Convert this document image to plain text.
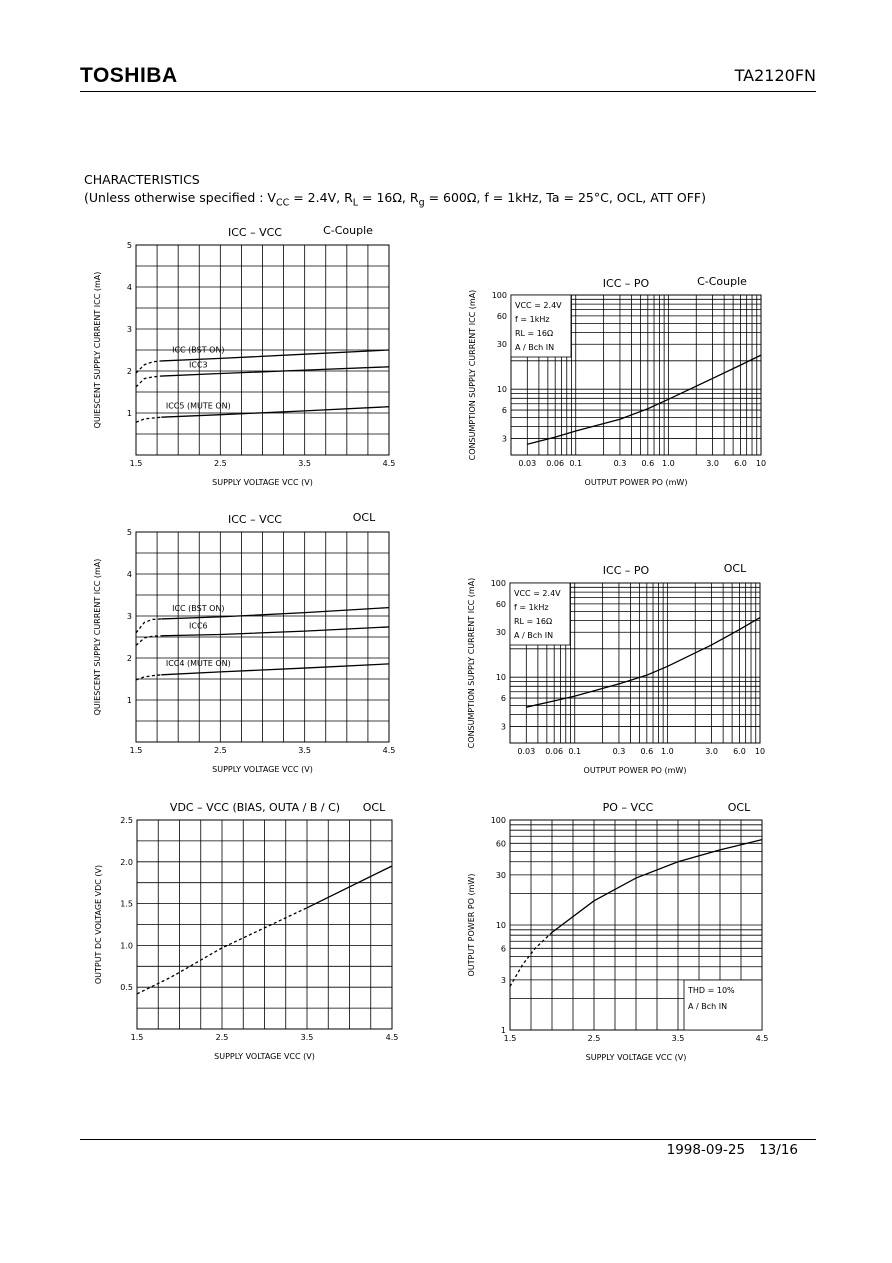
TOSHIBA	TA2120FN
CHARACTERISTICS
(Unless otherwise specified : $V_{CC} = 2.4V$, $R_L = 16\Omega$, $R_g = 600\Omega$, f = 1kHz, Ta = 25°C, OCL, ATT OFF)
1.5	2.5	3.5	4.5
1
2
3
4
5
SUPPLY VOLTAGE VCC (V)
QUIESCENT SUPPLY CURRENT ICC (mA)
ICC – VCC	C-Couple
ICC (BST ON)
ICC3
ICC5 (MUTE ON)
0.03 0.06 0.1	0.3 0.6 1.0	3.0 6.0 10
3
6
10
30
60
100
OUTPUT POWER PO (mW)
CONSUMPTION SUPPLY CURRENT ICC (mA)
ICC – PO	C-Couple
VCC = 2.4V
f = 1kHz
RL = 16Ω
A / Bch IN
1.5	2.5	3.5	4.5
1
2
3
4
5
SUPPLY VOLTAGE VCC (V)
QUIESCENT SUPPLY CURRENT ICC (mA)
ICC – VCC	OCL
ICC (BST ON)
ICC6
ICC4 (MUTE ON)
0.03 0.06 0.1	0.3 0.6 1.0	3.0 6.0 10
3
6
10
30
60
100
OUTPUT POWER PO (mW)
CONSUMPTION SUPPLY CURRENT ICC (mA)
ICC – PO	OCL
VCC = 2.4V
f = 1kHz
RL = 16Ω
A / Bch IN
1.5	2.5	3.5	4.5
0.5
1.0
1.5
2.0
2.5
SUPPLY VOLTAGE VCC (V)
OUTPUT DC VOLTAGE VDC (V)
VDC – VCC (BIAS, OUTA / B / C) OCL
1.5	2.5	3.5	4.5
1
3
6
10
30
60
100
SUPPLY VOLTAGE VCC (V)
OUTPUT POWER PO (mW)
PO – VCC	OCL
THD = 10%
A / Bch IN
1998-09-25 13/16
